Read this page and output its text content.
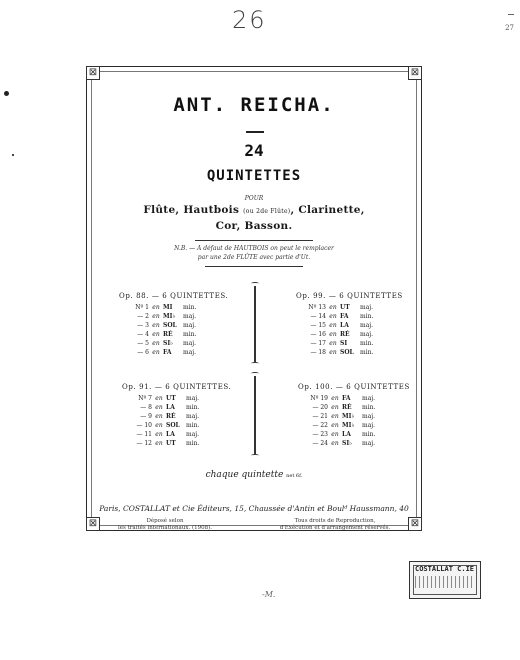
26	27
⊠	⊠
⊠	⊠
ANT. REICHA.
24
QUINTETTES
POUR
Flûte, Hautbois (ou 2de Flûte), Clarinette,
Cor, Basson.
N.B. — A défaut de HAUTBOIS on peut le remplacer
par une 2de FLÛTE avec partie d'Ut.
Op. 88. — 6 QUINTETTES.
Nº 1 en MI min.
— 2 en MI♭ maj.
— 3 en SOL maj.
— 4 en RÉ min.
— 5 en SI♭ maj.
— 6 en FA maj.
Op. 99. — 6 QUINTETTES
Nº 13 en UT maj.
— 14 en FA min.
— 15 en LA maj.
— 16 en RÉ maj.
— 17 en SI min.
— 18 en SOL min.
Op. 91. — 6 QUINTETTES.
Nº 7 en UT maj.
— 8 en LA min.
— 9 en RÉ maj.
— 10 en SOL min.
— 11 en LA maj.
— 12 en UT min.
Op. 100. — 6 QUINTETTES
Nº 19 en FA maj.
— 20 en RÉ min.
— 21 en MI♭ maj.
— 22 en MI♭ maj.
— 23 en LA min.
— 24 en SI♭ maj.
chaque quintette net 6f.
Paris, COSTALLAT et Cie Éditeurs, 15, Chaussée d'Antin et Boulᵈ Haussmann, 40
Déposé selon
les traités internationaux. (1908).
Tous droits de Reproduction,
d'Exécution et d'arrangement réservés.
COSTALLAT C.IE
-M.
